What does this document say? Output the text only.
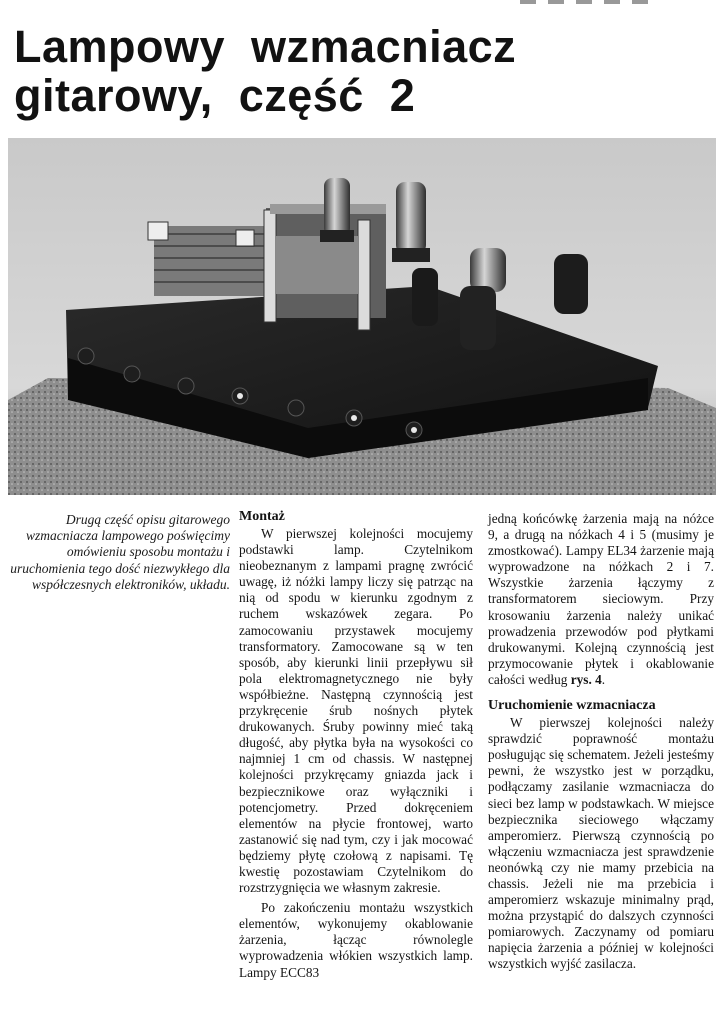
Lampowy  wzmacniacz
gitarowy,  część  2
Drugą część opisu gitarowego wzmacniacza lampowego poświęcimy omówieniu sposobu montażu i uruchomienia tego dość niezwykłego dla współczesnych elektroników, układu.
Montaż

W pierwszej kolejności mocujemy podstawki lamp. Czytelnikom nieobeznanym z lampami pragnę zwrócić uwagę, iż nóżki lampy liczy się patrząc na nią od spodu w kierunku zgodnym z ruchem wskazówek zegara. Po zamocowaniu przystawek mocujemy transformatory. Zamocowane są w ten sposób, aby kierunki linii przepływu sił pola elektromagnetycznego nie były współbieżne. Następną czynnością jest przykręcenie śrub nośnych płytek drukowanych. Śruby powinny mieć taką długość, aby płytka była na wysokości co najmniej 1 cm od chassis. W następnej kolejności przykręcamy gniazda jack i bezpiecznikowe oraz wyłączniki i potencjometry. Przed dokręceniem elementów na płycie frontowej, warto zastanowić się nad tym, czy i jak mocować będziemy płytę czołową z napisami. Tę kwestię pozostawiam Czytelnikom do rozstrzygnięcia we własnym zakresie.

Po zakończeniu montażu wszystkich elementów, wykonujemy okablowanie żarzenia, łącząc równolegle wyprowadzenia włókien wszystkich lamp. Lampy ECC83

jedną końcówkę żarzenia mają na nóżce 9, a drugą na nóżkach 4 i 5 (musimy je zmostkować). Lampy EL34 żarzenie mają wyprowadzone na nóżkach 2 i 7. Wszystkie żarzenia łączymy z transformatorem sieciowym. Przy krosowaniu żarzenia należy unikać prowadzenia przewodów pod płytkami drukowanymi. Kolejną czynnością jest przymocowanie płytek i okablowanie całości według rys. 4.

Uruchomienie wzmacniacza

W pierwszej kolejności należy sprawdzić poprawność montażu posługując się schematem. Jeżeli jesteśmy pewni, że wszystko jest w porządku, podłączamy zasilanie wzmacniacza do sieci bez lamp w podstawkach. W miejsce bezpiecznika sieciowego włączamy amperomierz. Pierwszą czynnością po włączeniu wzmacniacza jest sprawdzenie neonówką czy nie mamy przebicia na chassis. Jeżeli nie ma przebicia i amperomierz wskazuje minimalny prąd, można przystąpić do dalszych czynności pomiarowych. Zaczynamy od pomiaru napięcia żarzenia a później w kolejności wszystkich wyjść zasilacza.
